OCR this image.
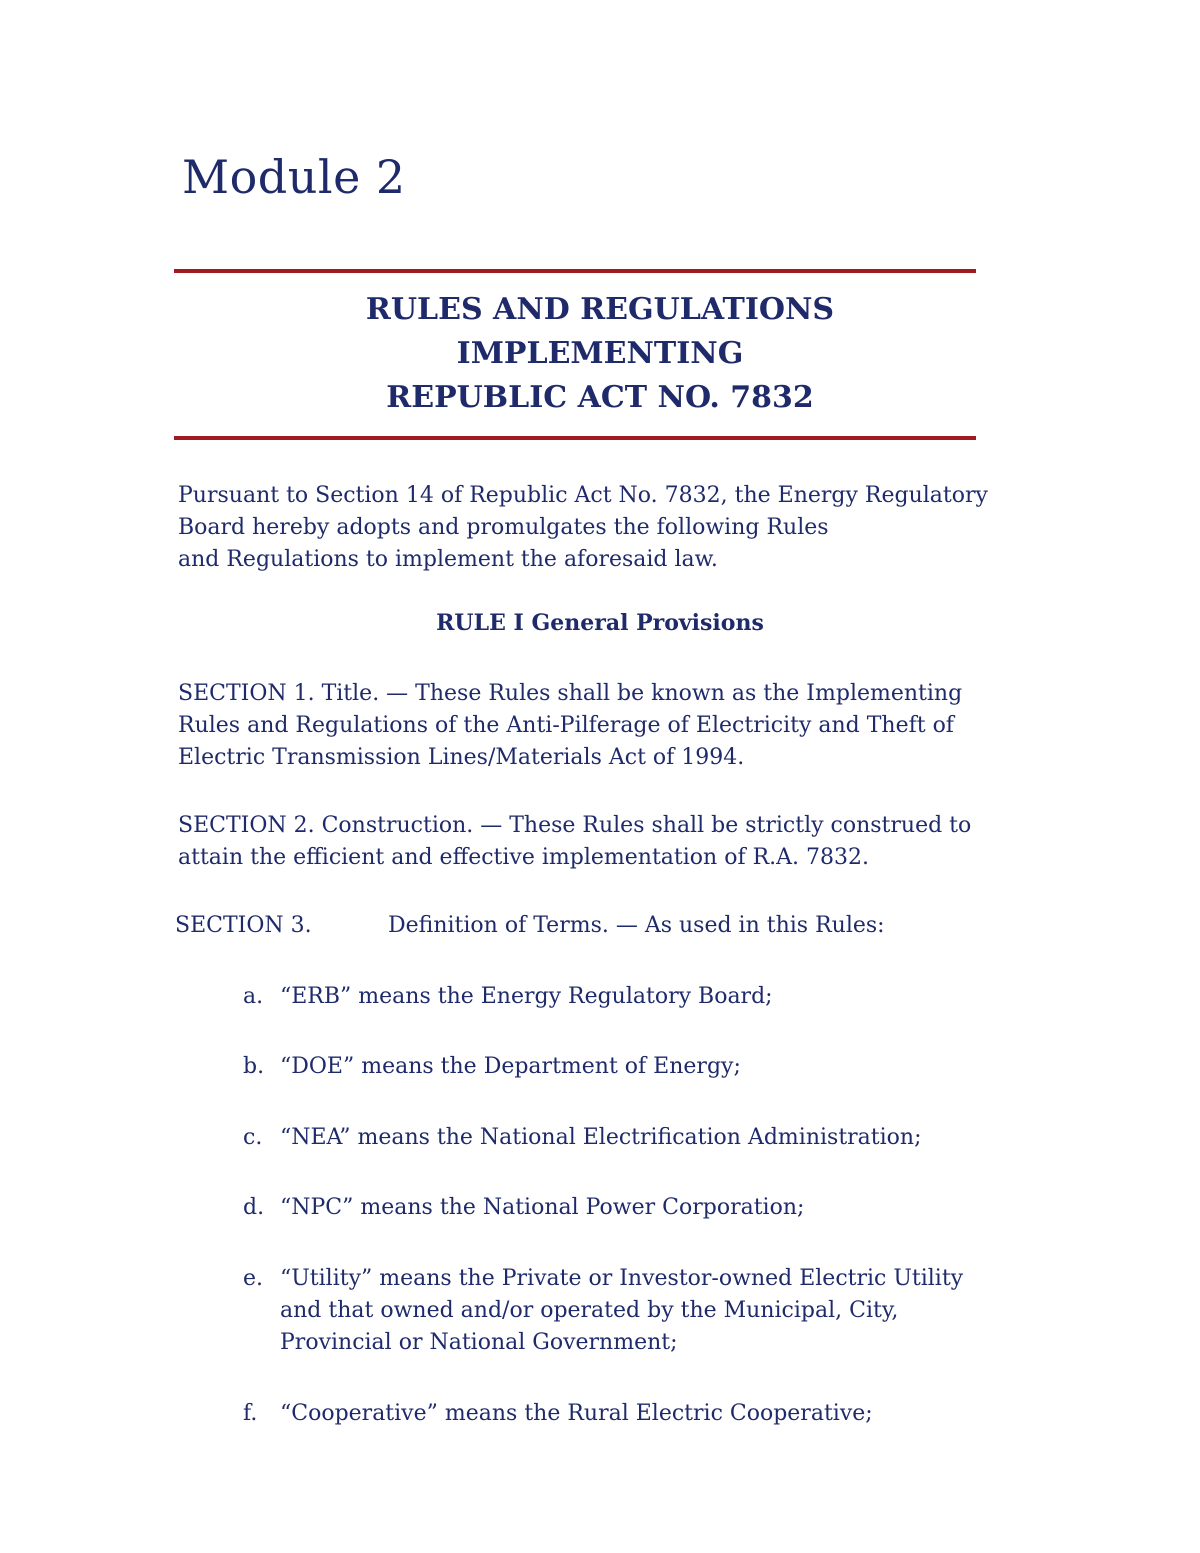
Module 2
RULES AND REGULATIONS
IMPLEMENTING
REPUBLIC ACT NO. 7832

Pursuant to Section 14 of Republic Act No. 7832, the Energy Regulatory
Board hereby adopts and promulgates the following Rules
and Regulations to implement the aforesaid law.

RULE I General Provisions

SECTION 1. Title. — These Rules shall be known as the Implementing
Rules and Regulations of the Anti-Pilferage of Electricity and Theft of
Electric Transmission Lines/Materials Act of 1994.

SECTION 2. Construction. — These Rules shall be strictly construed to
attain the efficient and effective implementation of R.A. 7832.

SECTION 3.	Definition of Terms. — As used in this Rules:
a. “ERB” means the Energy Regulatory Board;
b. “DOE” means the Department of Energy;
c. “NEA” means the National Electrification Administration;
d. “NPC” means the National Power Corporation;
e. “Utility” means the Private or Investor-owned Electric Utility
and that owned and/or operated by the Municipal, City,
Provincial or National Government;
f.	“Cooperative” means the Rural Electric Cooperative;
